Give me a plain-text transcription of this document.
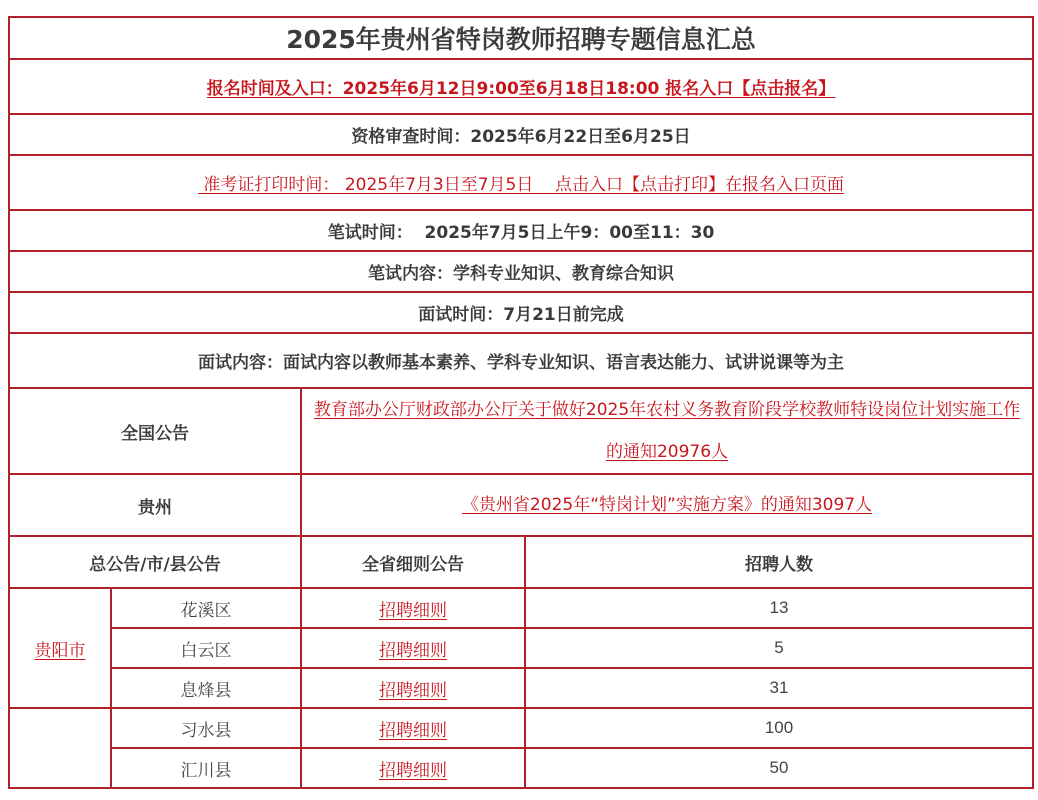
2025年贵州省特岗教师招聘专题信息汇总			
报名时间及入口：2025年6月12日9:00至6月18日18:00 报名入口【点击报名】			
资格审查时间：2025年6月22日至6月25日			
准考证打印时间： 2025年7月3日至7月5日    点击入口【点击打印】在报名入口页面			
笔试时间：  2025年7月5日上午9：00至11：30			
笔试内容：学科专业知识、教育综合知识			
面试时间：7月21日前完成			
面试内容：面试内容以教师基本素养、学科专业知识、语言表达能力、试讲说课等为主			
全国公告		教育部办公厅财政部办公厅关于做好2025年农村义务教育阶段学校教师特设岗位计划实施工作的通知20976人	
贵州		《贵州省2025年“特岗计划”实施方案》的通知3097人	
总公告/市/县公告		全省细则公告	招聘人数
贵阳市	花溪区	招聘细则	13
	白云区	招聘细则	5
	息烽县	招聘细则	31
	习水县	招聘细则	100
	汇川县	招聘细则	50
